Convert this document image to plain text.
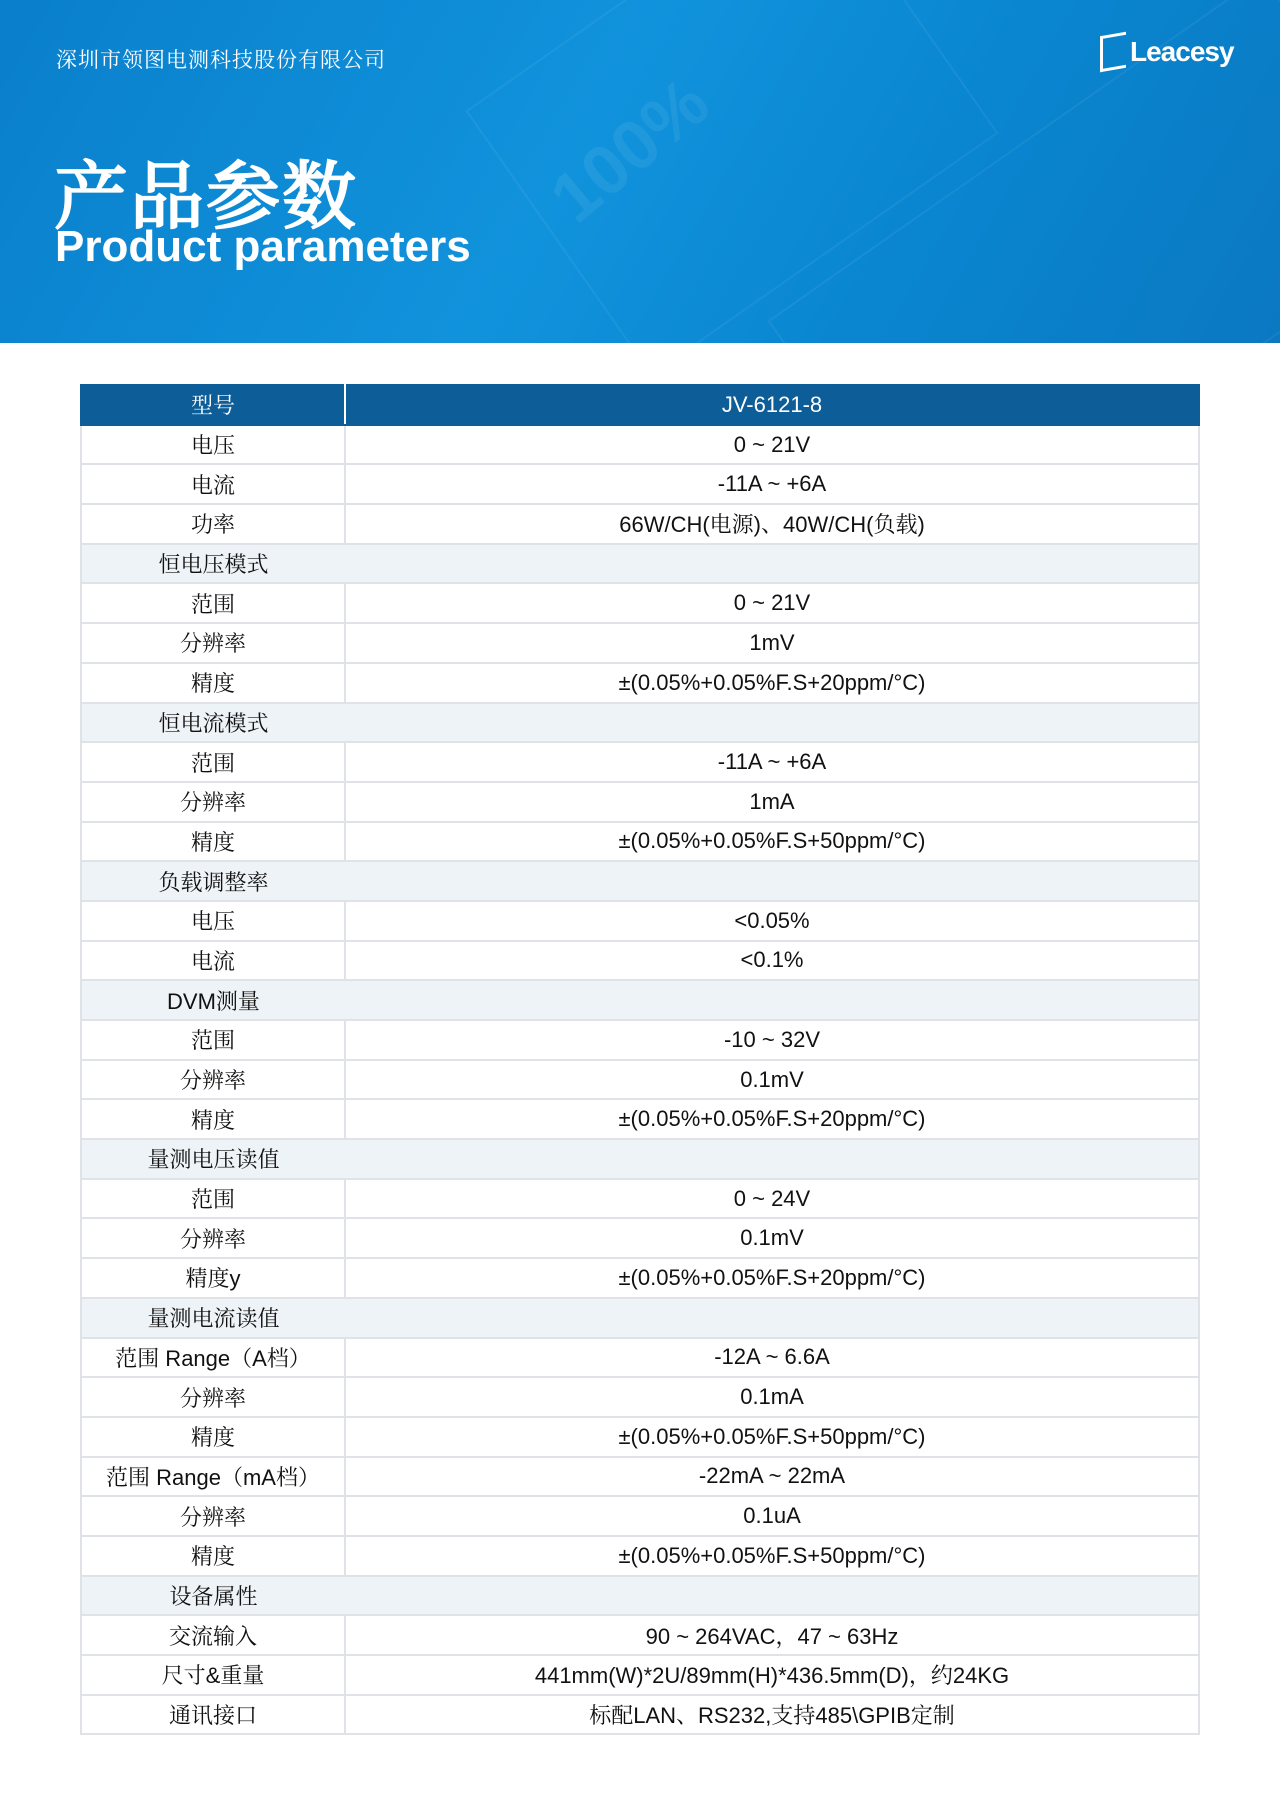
100%
深圳市领图电测科技股份有限公司	Leacesy
产品参数
Product parameters
型号	JV-6121-8
电压	0 ~ 21V
电流	-11A ~ +6A
功率	66W/CH(电源)、40W/CH(负载)
恒电压模式	
范围	0 ~ 21V
分辨率	1mV
精度	±(0.05%+0.05%F.S+20ppm/°C)
恒电流模式	
范围	-11A ~ +6A
分辨率	1mA
精度	±(0.05%+0.05%F.S+50ppm/°C)
负载调整率	
电压	<0.05%
电流	<0.1%
DVM测量	
范围	-10 ~ 32V
分辨率	0.1mV
精度	±(0.05%+0.05%F.S+20ppm/°C)
量测电压读值	
范围	0 ~ 24V
分辨率	0.1mV
精度y	±(0.05%+0.05%F.S+20ppm/°C)
量测电流读值	
范围 Range（A档）	-12A ~ 6.6A
分辨率	0.1mA
精度	±(0.05%+0.05%F.S+50ppm/°C)
范围 Range（mA档）	-22mA ~ 22mA
分辨率	0.1uA
精度	±(0.05%+0.05%F.S+50ppm/°C)
设备属性	
交流输入	90 ~ 264VAC，47 ~ 63Hz
尺寸&重量	441mm(W)*2U/89mm(H)*436.5mm(D)，约24KG
通讯接口	标配LAN、RS232,支持485\GPIB定制
